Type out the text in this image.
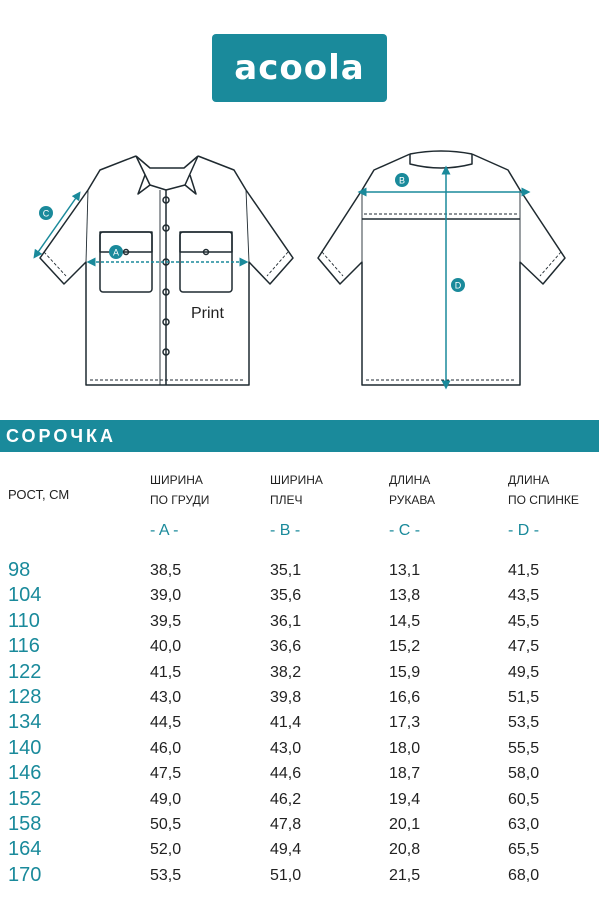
acoola
Print
A
C
B
D
СОРОЧКА
РОСТ, СМ
ШИРИНА
ПО ГРУДИ
ШИРИНА
ПЛЕЧ
ДЛИНА
РУКАВА
ДЛИНА
ПО СПИНКЕ
- A -	- B -	- C -	- D -
98	38,5	35,1	13,1	41,5
104	39,0	35,6	13,8	43,5
110	39,5	36,1	14,5	45,5
116	40,0	36,6	15,2	47,5
122	41,5	38,2	15,9	49,5
128	43,0	39,8	16,6	51,5
134	44,5	41,4	17,3	53,5
140	46,0	43,0	18,0	55,5
146	47,5	44,6	18,7	58,0
152	49,0	46,2	19,4	60,5
158	50,5	47,8	20,1	63,0
164	52,0	49,4	20,8	65,5
170	53,5	51,0	21,5	68,0
